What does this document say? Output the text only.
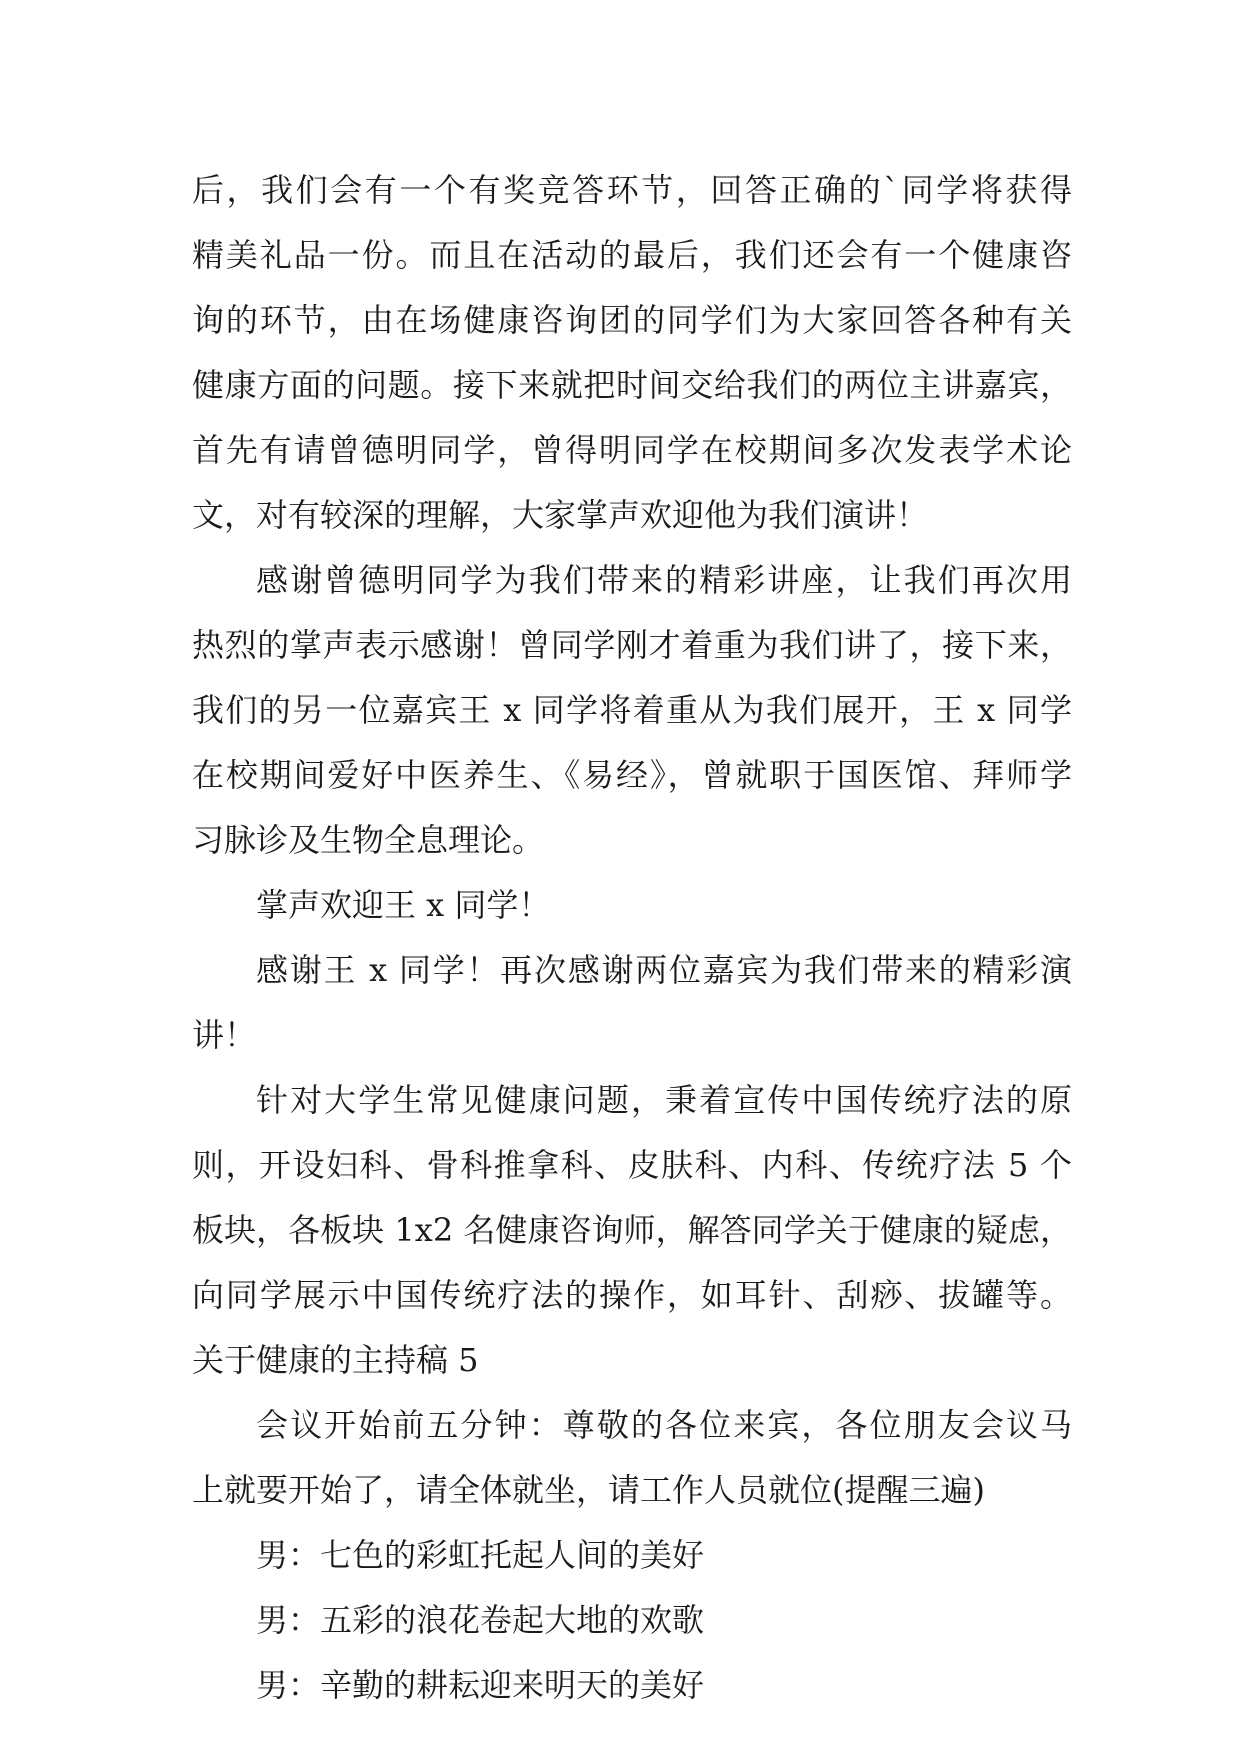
后，我们会有一个有奖竞答环节，回答正确的`同学将获得
精美礼品一份。而且在活动的最后，我们还会有一个健康咨
询的环节，由在场健康咨询团的同学们为大家回答各种有关
健康方面的问题。接下来就把时间交给我们的两位主讲嘉宾，
首先有请曾德明同学，曾得明同学在校期间多次发表学术论
文，对有较深的理解，大家掌声欢迎他为我们演讲！
感谢曾德明同学为我们带来的精彩讲座，让我们再次用
热烈的掌声表示感谢！曾同学刚才着重为我们讲了，接下来，
我们的另一位嘉宾王 x 同学将着重从为我们展开，王 x 同学
在校期间爱好中医养生、《易经》，曾就职于国医馆、拜师学
习脉诊及生物全息理论。
掌声欢迎王 x 同学！
感谢王 x 同学！再次感谢两位嘉宾为我们带来的精彩演
讲！
针对大学生常见健康问题，秉着宣传中国传统疗法的原
则，开设妇科、骨科推拿科、皮肤科、内科、传统疗法 5 个
板块，各板块 1x2 名健康咨询师，解答同学关于健康的疑虑，
向同学展示中国传统疗法的操作，如耳针、刮痧、拔罐等。
关于健康的主持稿 5
会议开始前五分钟：尊敬的各位来宾，各位朋友会议马
上就要开始了，请全体就坐，请工作人员就位(提醒三遍)
男：七色的彩虹托起人间的美好
男：五彩的浪花卷起大地的欢歌
男：辛勤的耕耘迎来明天的美好
